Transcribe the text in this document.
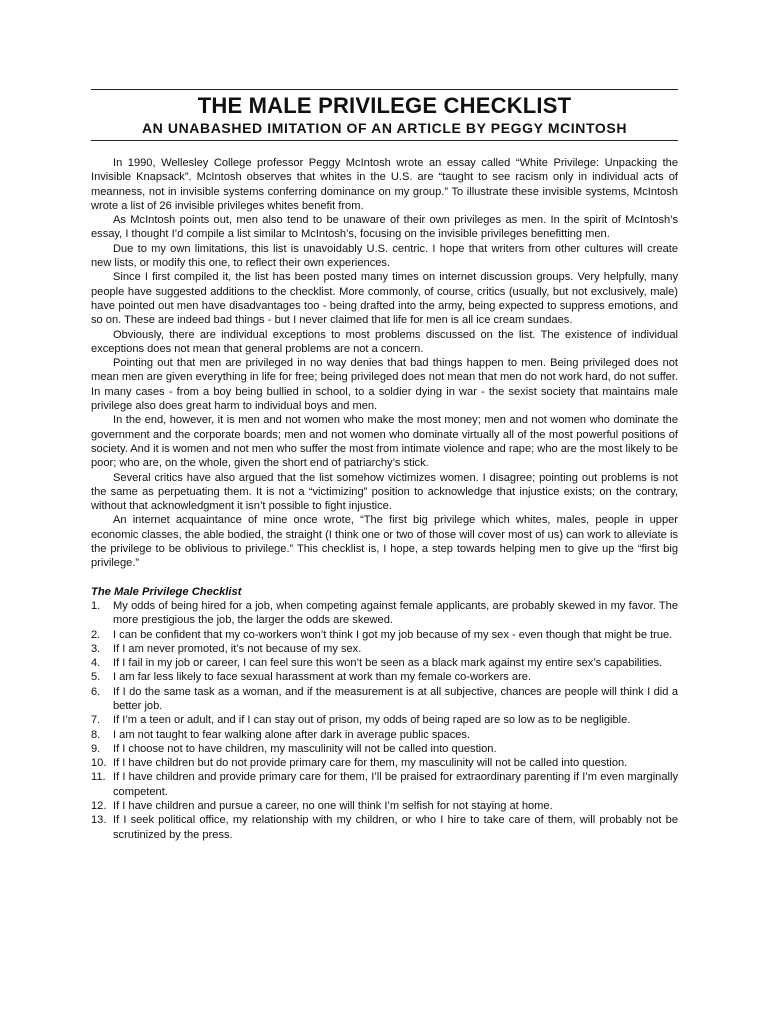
THE MALE PRIVILEGE CHECKLIST
AN UNABASHED IMITATION OF AN ARTICLE BY PEGGY MCINTOSH

In 1990, Wellesley College professor Peggy McIntosh wrote an essay called “White Privilege: Unpacking the Invisible Knapsack”. McIntosh observes that whites in the U.S. are “taught to see racism only in individual acts of meanness, not in invisible systems conferring dominance on my group.” To illustrate these invisible systems, McIntosh wrote a list of 26 invisible privileges whites benefit from.

As McIntosh points out, men also tend to be unaware of their own privileges as men. In the spirit of McIntosh’s essay, I thought I’d compile a list similar to McIntosh’s, focusing on the invisible privileges benefitting men.

Due to my own limitations, this list is unavoidably U.S. centric. I hope that writers from other cultures will create new lists, or modify this one, to reflect their own experiences.

Since I first compiled it, the list has been posted many times on internet discussion groups. Very helpfully, many people have suggested additions to the checklist. More commonly, of course, critics (usually, but not exclusively, male) have pointed out men have disadvantages too - being drafted into the army, being expected to suppress emotions, and so on. These are indeed bad things - but I never claimed that life for men is all ice cream sundaes.

Obviously, there are individual exceptions to most problems discussed on the list. The existence of individual exceptions does not mean that general problems are not a concern.

Pointing out that men are privileged in no way denies that bad things happen to men. Being privileged does not mean men are given everything in life for free; being privileged does not mean that men do not work hard, do not suffer. In many cases - from a boy being bullied in school, to a soldier dying in war - the sexist society that maintains male privilege also does great harm to individual boys and men.

In the end, however, it is men and not women who make the most money; men and not women who dominate the government and the corporate boards; men and not women who dominate virtually all of the most powerful positions of society. And it is women and not men who suffer the most from intimate violence and rape; who are the most likely to be poor; who are, on the whole, given the short end of patriarchy’s stick.

Several critics have also argued that the list somehow victimizes women. I disagree; pointing out problems is not the same as perpetuating them. It is not a “victimizing” position to acknowledge that injustice exists; on the contrary, without that acknowledgment it isn’t possible to fight injustice.

An internet acquaintance of mine once wrote, “The first big privilege which whites, males, people in upper economic classes, the able bodied, the straight (I think one or two of those will cover most of us) can work to alleviate is the privilege to be oblivious to privilege.” This checklist is, I hope, a step towards helping men to give up the “first big privilege.”

The Male Privilege Checklist
1.	My odds of being hired for a job, when competing against female applicants, are probably skewed in my favor. The more prestigious the job, the larger the odds are skewed.
2.	I can be confident that my co-workers won’t think I got my job because of my sex - even though that might be true.
3.	If I am never promoted, it’s not because of my sex.
4.	If I fail in my job or career, I can feel sure this won’t be seen as a black mark against my entire sex’s capabilities.
5.	I am far less likely to face sexual harassment at work than my female co-workers are.
6.	If I do the same task as a woman, and if the measurement is at all subjective, chances are people will think I did a better job.
7.	If I’m a teen or adult, and if I can stay out of prison, my odds of being raped are so low as to be negligible.
8.	I am not taught to fear walking alone after dark in average public spaces.
9.	If I choose not to have children, my masculinity will not be called into question.
10. If I have children but do not provide primary care for them, my masculinity will not be called into question.
11. If I have children and provide primary care for them, I’ll be praised for extraordinary parenting if I’m even marginally competent.
12. If I have children and pursue a career, no one will think I’m selfish for not staying at home.
13. If I seek political office, my relationship with my children, or who I hire to take care of them, will probably not be scrutinized by the press.
